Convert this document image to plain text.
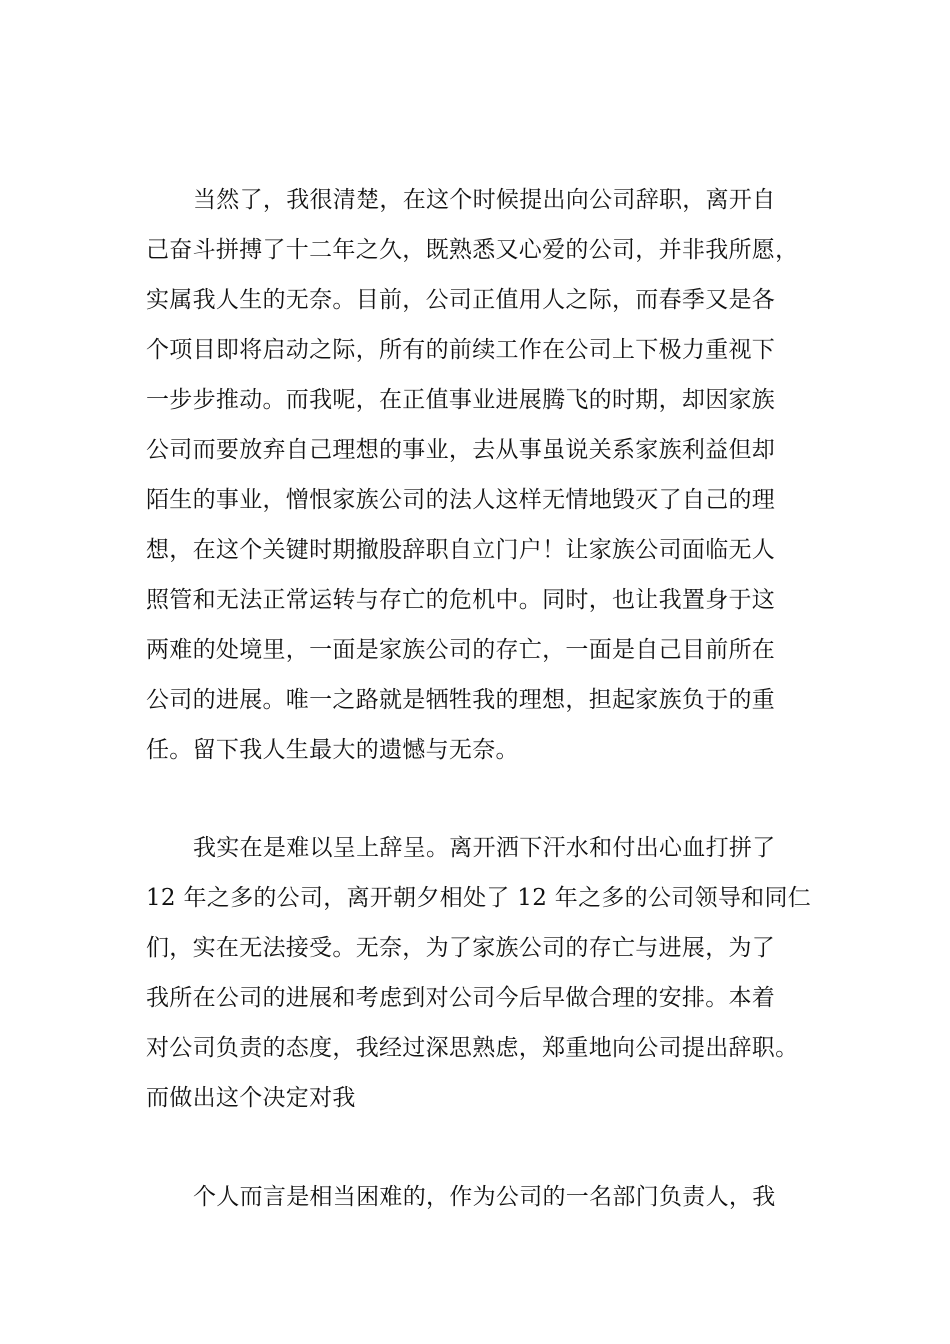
当然了，我很清楚，在这个时候提出向公司辞职，离开自
己奋斗拼搏了十二年之久，既熟悉又心爱的公司，并非我所愿，
实属我人生的无奈。目前，公司正值用人之际，而春季又是各
个项目即将启动之际，所有的前续工作在公司上下极力重视下
一步步推动。而我呢，在正值事业进展腾飞的时期，却因家族
公司而要放弃自己理想的事业，去从事虽说关系家族利益但却
陌生的事业，憎恨家族公司的法人这样无情地毁灭了自己的理
想，在这个关键时期撤股辞职自立门户！让家族公司面临无人
照管和无法正常运转与存亡的危机中。同时，也让我置身于这
两难的处境里，一面是家族公司的存亡，一面是自己目前所在
公司的进展。唯一之路就是牺牲我的理想，担起家族负于的重
任。留下我人生最大的遗憾与无奈。
我实在是难以呈上辞呈。离开洒下汗水和付出心血打拼了
12 年之多的公司，离开朝夕相处了 12 年之多的公司领导和同仁
们，实在无法接受。无奈，为了家族公司的存亡与进展，为了
我所在公司的进展和考虑到对公司今后早做合理的安排。本着
对公司负责的态度，我经过深思熟虑，郑重地向公司提出辞职。
而做出这个决定对我
个人而言是相当困难的，作为公司的一名部门负责人，我
